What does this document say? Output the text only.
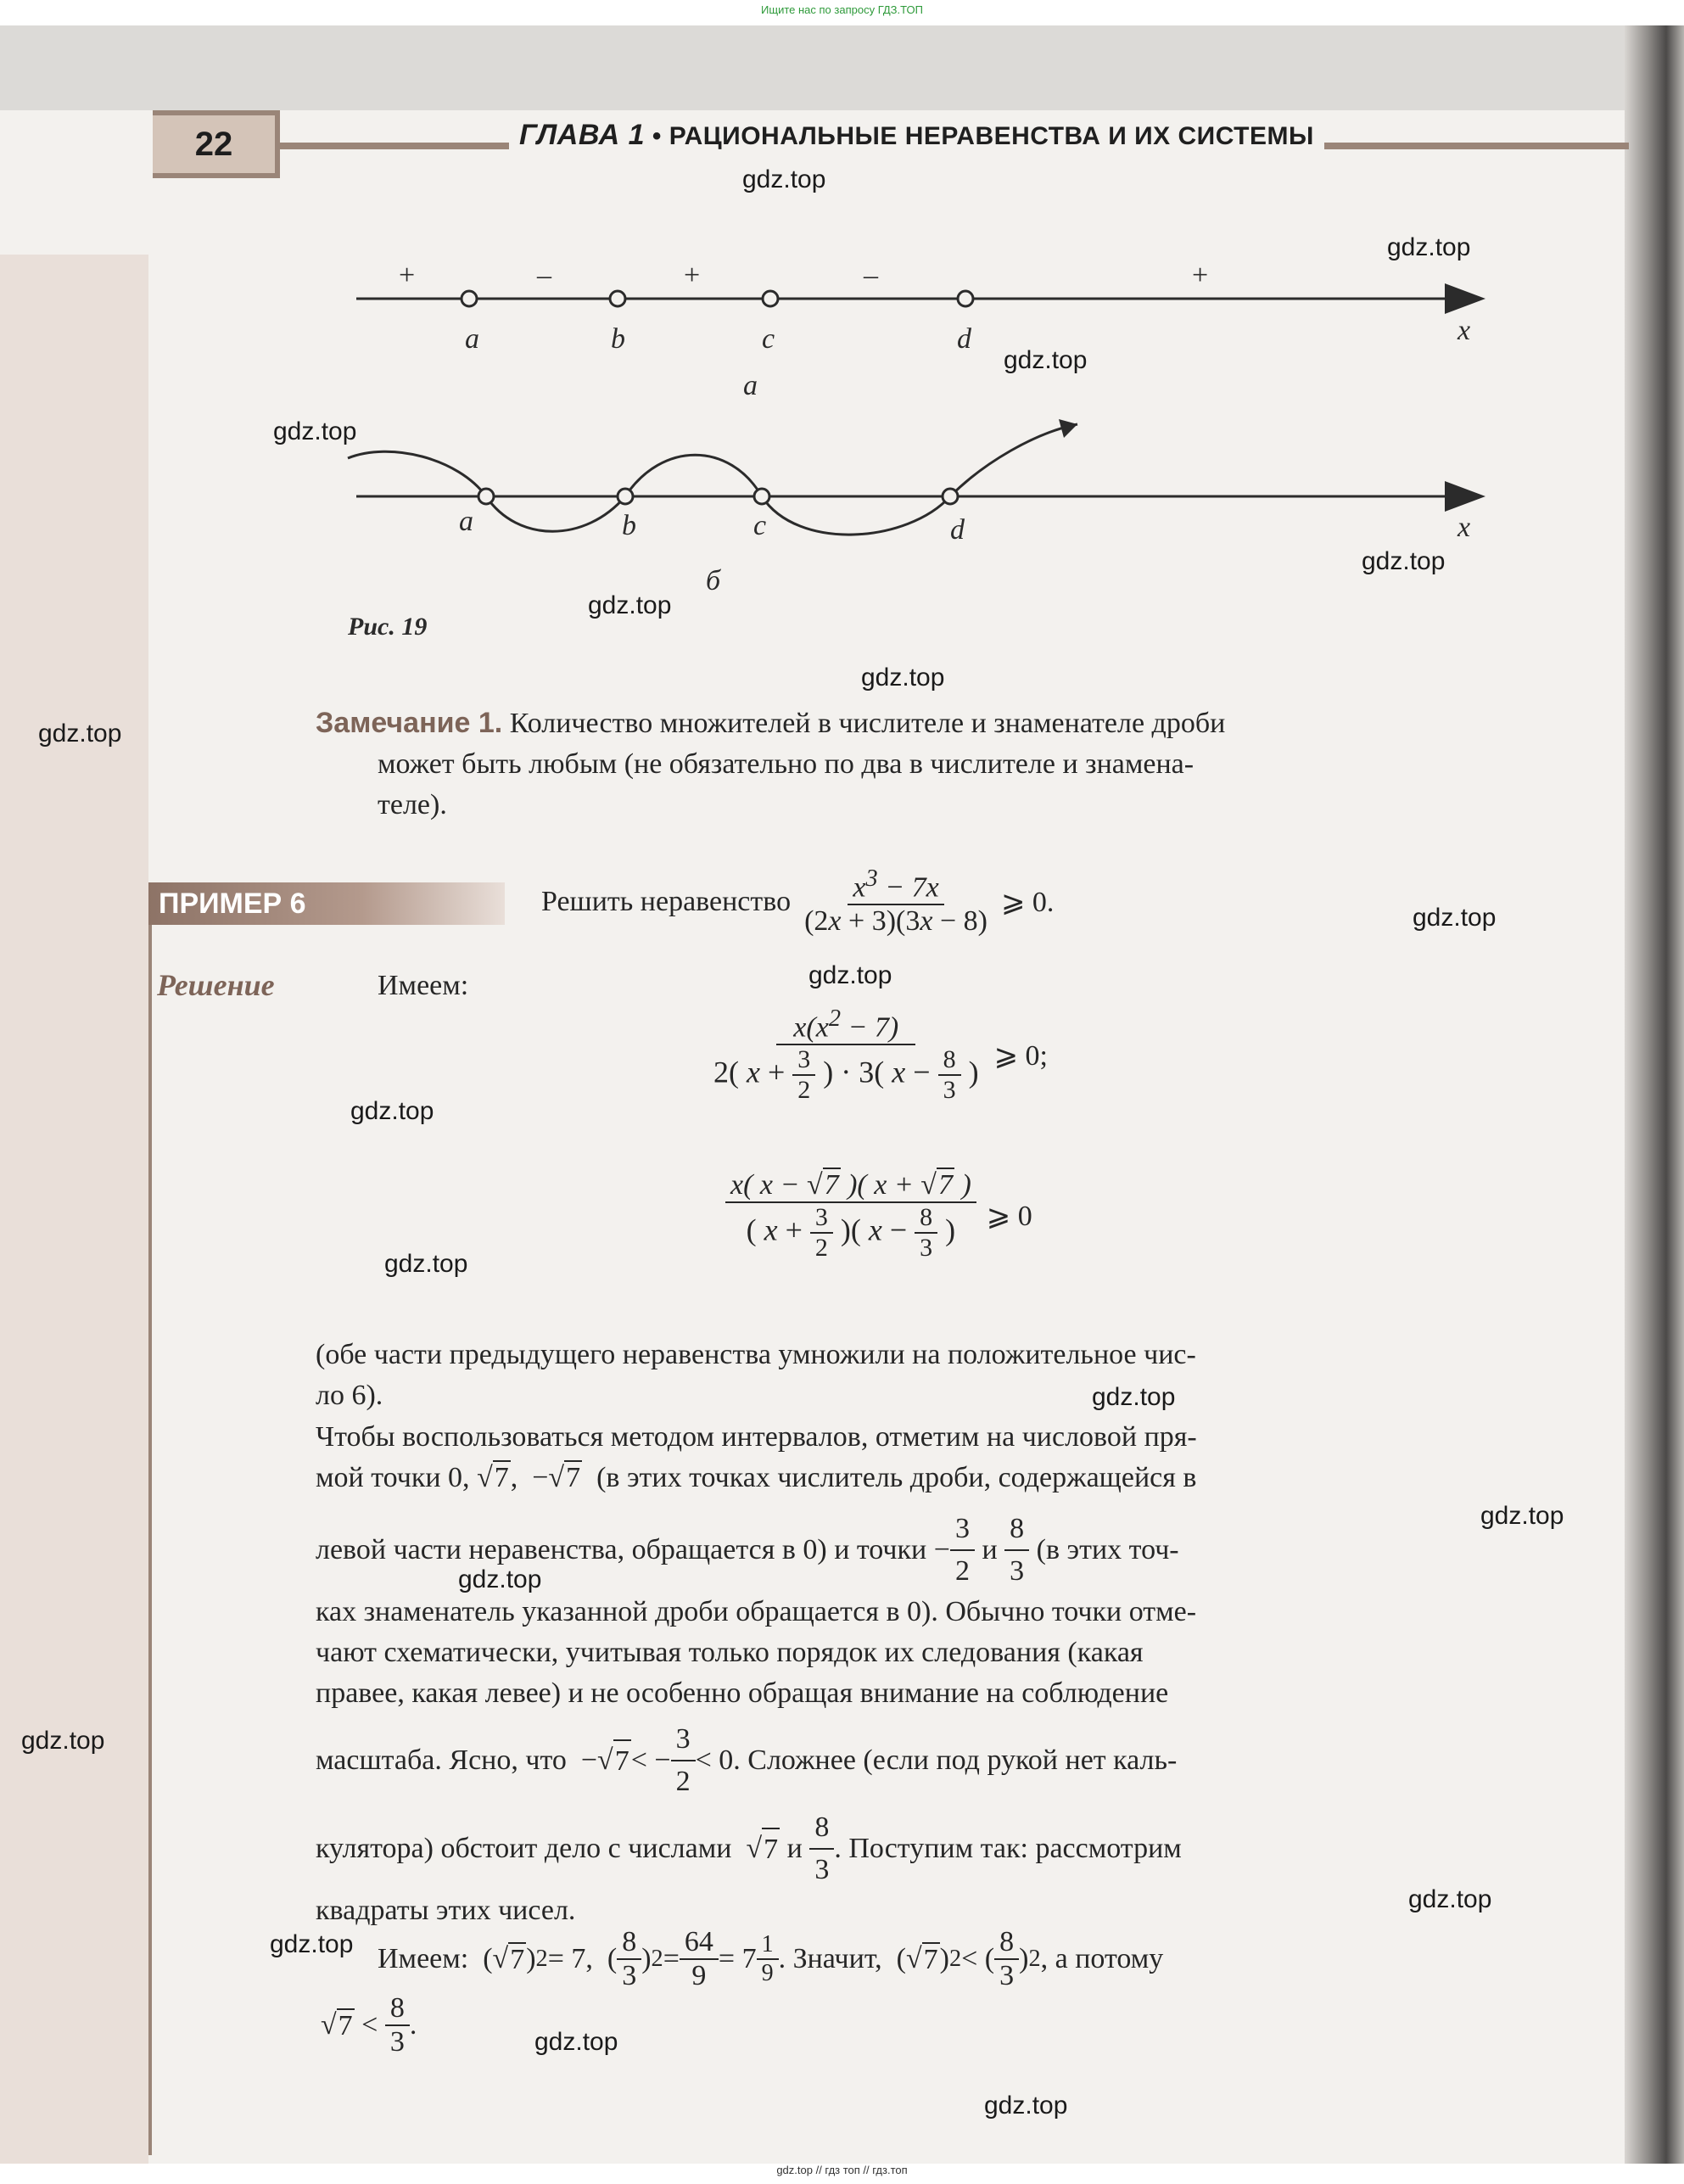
Ищите нас по запросу ГДЗ.ТОП
gdz.top // гдз топ // гдз.топ
22	ГЛАВА 1 • РАЦИОНАЛЬНЫЕ НЕРАВЕНСТВА И ИХ СИСТЕМЫ
+	–	+	–	+
a	b	c	d	x
a
a	b	c	d	x
б
Рис. 19
Замечание 1. Количество множителей в числителе и знаменателе дроби
может быть любым (не обязательно по два в числителе и знамена-
теле).
ПРИМЕР 6	Решить неравенство $\frac{x^3 - 7x}{(2x + 3)(3x - 8)}$ ⩾ 0.
Решение	Имеем:
$\frac{x(x^2 - 7)}{2( x + \frac{3}{2} ) \cdot 3( x - \frac{8}{3} )}$ ⩾ 0;
$\frac{x( x - √7 )( x + √7 )}{( x + \frac{3}{2} )( x - \frac{8}{3} )}$ ⩾ 0
(обе части предыдущего неравенства умножили на положительное чис-
ло 6).
Чтобы воспользоваться методом интервалов, отметим на числовой пря-
мой точки 0, √7,  −√7 (в этих точках числитель дроби, содержащейся в
левой части неравенства, обращается в 0) и точки − $\frac{3}{2}$
и
$\frac{8}{3}$
(в этих точ-
ках знаменатель указанной дроби обращается в 0). Обычно точки отме-
чают схематически, учитывая только порядок их следования (какая
правее, какая левее) и не особенно обращая внимание на соблюдение
масштаба. Ясно, что −√ 7 < − $\frac{3}{2} < 0$. Сложнее (если под рукой нет каль-
кулятора) обстоит дело с числами √ 7
и
$\frac{8}{3}$ . Поступим так: рассмотрим
квадраты этих чисел.
Имеем: (√ 7 ) 2 = 7,  ( $\frac{8}{3}$ ) $2 = \frac{64}{9} = 7 \frac{1}{9}$ . Значит, (√ 7 ) 2 < ( $\frac{8}{3}$ ) 2 , а потому
√ $7 < \frac{8}{3}$ .
gdz.top
gdz.top
gdz.top
gdz.top
gdz.top
gdz.top
gdz.top
gdz.top
gdz.top
gdz.top
gdz.top
gdz.top
gdz.top
gdz.top
gdz.top
gdz.top
gdz.top
gdz.top
gdz.top
gdz.top
